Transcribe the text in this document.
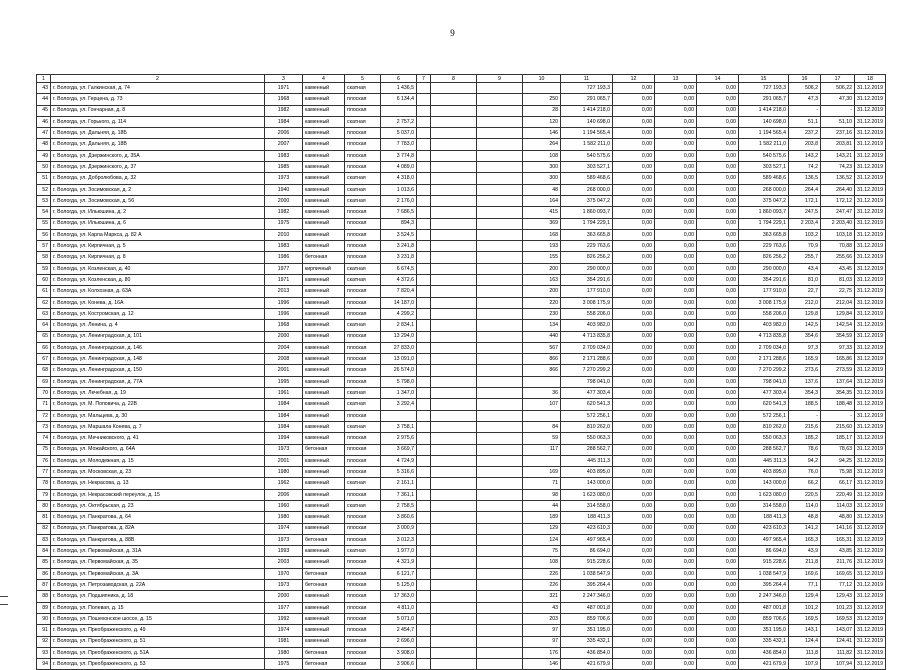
9
1	2	3	4	5	6	7	8	9	10	11	12	13	14	15	16	17	18
43	г. Вологда, ул. Галкинская, д. 74	1971	каменный	скатная	1 436,5					727 193,3	0,00	0,00	0,00	727 193,3	506,2	506,22	31.12.2019
44	г. Вологда, ул. Герцена, д. 73	1968	каменный	плоская	6 134,4				250	291 065,7	0,00	0,00	0,00	291 065,7	47,3	47,30	31.12.2019
45	г. Вологда, ул. Гончарная, д. 8	1982	каменный	плоская					28	1 414 218,0	0,00	0,00	0,00	1 414 218,0	-	-	31.12.2019
46	г. Вологда, ул. Горького, д. 114	1984	каменный	скатная	2 757,2				120	140 698,0	0,00	0,00	0,00	140 698,0	51,1	51,10	31.12.2019
47	г. Вологда, ул. Дальняя, д. 18Б	2006	каменный	плоская	5 037,0				146	1 194 565,4	0,00	0,00	0,00	1 194 565,4	237,2	237,16	31.12.2019
48	г. Вологда, ул. Дальняя, д. 18В	2007	каменный	плоская	7 783,0				264	1 582 211,0	0,00	0,00	0,00	1 582 211,0	203,8	203,81	31.12.2019
49	г. Вологда, ул. Дзержинского, д. 35А	1983	каменный	плоская	3 774,8				108	540 575,6	0,00	0,00	0,00	540 575,6	143,2	143,21	31.12.2019
50	г. Вологда, ул. Дзержинского, д. 37	1985	каменный	плоская	4 089,0				300	303 527,1	0,00	0,00	0,00	303 527,1	74,2	74,23	31.12.2019
51	г. Вологда, ул. Добролюбова, д. 32	1973	каменный	скатная	4 318,0				300	589 468,6	0,00	0,00	0,00	589 468,6	136,5	136,52	31.12.2019
52	г. Вологда, ул. Зосимовская, д. 2	1940	каменный	скатная	1 013,6				48	268 000,0	0,00	0,00	0,00	268 000,0	264,4	264,40	31.12.2019
53	г. Вологда, ул. Зосимовская, д. 56	2000	каменный	скатная	2 176,0				164	375 047,2	0,00	0,00	0,00	375 047,2	172,1	172,12	31.12.2019
54	г. Вологда, ул. Ильюшина, д. 2	1982	каменный	плоская	7 686,5				415	1 860 093,7	0,00	0,00	0,00	1 860 093,7	247,5	247,47	31.12.2019
55	г. Вологда, ул. Ильюшина, д. 6	1975	каменный	плоская	894,3				369	1 794 229,1	0,00	0,00	0,00	1 794 229,1	2 203,4	2 203,40	31.12.2019
56	г. Вологда, ул. Карла Маркса, д. 82 А	2010	каменный	плоская	3 524,5				168	363 665,8	0,00	0,00	0,00	363 665,8	103,2	103,18	31.12.2019
57	г. Вологда, ул. Кирпичная, д. 5	1983	каменный	плоская	3 241,8				193	229 763,6	0,00	0,00	0,00	229 763,6	70,9	70,88	31.12.2019
58	г. Вологда, ул. Кирпичная, д. 8	1986	бетонная	плоская	3 231,8				155	826 256,2	0,00	0,00	0,00	826 256,2	255,7	255,66	31.12.2019
59	г. Вологда, ул. Козленская, д. 40	1977	кирпичный	скатная	6 674,5				200	290 000,0	0,00	0,00	0,00	290 000,0	43,4	43,45	31.12.2019
60	г. Вологда, ул. Козленская, д. 80	1971	каменный	скатная	4 372,6				163	354 291,6	0,00	0,00	0,00	354 291,6	81,0	81,03	31.12.2019
61	г. Вологда, ул. Колхозная, д. 63А	2013	каменный	плоская	7 820,4				200	177 910,0	0,00	0,00	0,00	177 910,0	22,7	22,75	31.12.2019
62	г. Вологда, ул. Конева, д. 16А	1996	каменный	плоская	14 187,0				220	3 008 175,9	0,00	0,00	0,00	3 008 175,9	212,0	212,04	31.12.2019
63	г. Вологда, ул. Костромская, д. 12	1996	каменный	плоская	4 299,2				230	558 206,0	0,00	0,00	0,00	558 206,0	129,8	129,84	31.12.2019
64	г. Вологда, ул. Ленина, д. 4	1968	каменный	скатная	2 834,1				134	403 982,0	0,00	0,00	0,00	403 982,0	142,5	142,54	31.12.2019
65	г. Вологда, ул. Ленинградская, д. 101	2000	каменный	плоская	13 294,0				440	4 713 835,8	0,00	0,00	0,00	4 713 835,8	354,6	354,59	31.12.2019
66	г. Вологда, ул. Ленинградская, д. 146	2004	каменный	плоская	27 833,0				567	2 709 034,0	0,00	0,00	0,00	2 709 034,0	97,3	97,33	31.12.2019
67	г. Вологда, ул. Ленинградская, д. 148	2008	каменный	плоская	13 091,0				866	2 171 288,6	0,00	0,00	0,00	2 171 288,6	165,9	165,86	31.12.2019
68	г. Вологда, ул. Ленинградская, д. 150	2001	каменный	плоская	26 574,0				866	7 270 299,2	0,00	0,00	0,00	7 270 299,2	273,6	273,59	31.12.2019
69	г. Вологда, ул. Ленинградская, д. 77А	1995	каменный	плоская	5 798,0					798 041,0	0,00	0,00	0,00	798 041,0	137,6	137,64	31.12.2019
70	г. Вологда, ул. Лечебная, д. 19	1961	каменный	скатная	1 347,0				36	477 303,4	0,00	0,00	0,00	477 303,4	354,3	354,35	31.12.2019
71	г. Вологда, ул. М. Поповича, д. 22В	1984	каменный	скатная	3 292,4				107	620 541,3	0,00	0,00	0,00	620 541,3	188,5	188,48	31.12.2019
72	г. Вологда, ул. Мальцева, д. 30	1984	каменный	плоская						572 256,1	0,00	0,00	0,00	572 256,1	-	-	31.12.2019
73	г. Вологда, ул. Маршала Конева, д. 7	1984	каменный	скатная	3 758,1				84	810 262,0	0,00	0,00	0,00	810 262,0	215,6	215,60	31.12.2019
74	г. Вологда, ул. Мечниковского, д. 41	1994	каменный	плоская	2 975,6				59	550 063,3	0,00	0,00	0,00	550 063,3	185,2	185,17	31.12.2019
75	г. Вологда, ул. Можайского, д. 64А	1973	бетонная	плоская	3 669,7				117	288 562,7	0,00	0,00	0,00	288 562,7	78,6	78,63	31.12.2019
76	г. Вологда, ул. Молодежная, д. 15	2001	каменный	плоская	4 724,9					445 311,3	0,00	0,00	0,00	445 311,3	94,2	94,25	31.12.2019
77	г. Вологда, ул. Московская, д. 23	1980	каменный	плоская	5 316,6				169	403 895,0	0,00	0,00	0,00	403 895,0	76,0	75,98	31.12.2019
78	г. Вологда, ул. Некрасова, д. 13	1962	каменный	скатная	2 161,1				71	143 000,0	0,00	0,00	0,00	143 000,0	66,2	66,17	31.12.2019
79	г. Вологда, ул. Некрасовский переулок, д. 15	2006	каменный	плоская	7 361,1				98	1 623 080,0	0,00	0,00	0,00	1 623 080,0	220,5	220,49	31.12.2019
80	г. Вологда, ул. Октябрьская, д. 23	1960	каменный	скатная	2 758,5				44	314 558,0	0,00	0,00	0,00	314 558,0	114,0	114,03	31.12.2019
81	г. Вологда, ул. Панкратова, д. 64	1980	каменный	плоская	3 860,6				189	188 411,3	0,00	0,00	0,00	188 411,3	48,8	48,80	31.12.2019
82	г. Вологда, ул. Панкратова, д. 82А	1974	каменный	плоская	3 000,9				129	423 610,3	0,00	0,00	0,00	423 610,3	141,2	141,16	31.12.2019
83	г. Вологда, ул. Панкратова, д. 88В	1973	бетонная	плоская	3 012,3				124	497 965,4	0,00	0,00	0,00	497 965,4	165,3	165,31	31.12.2019
84	г. Вологда, ул. Первомайская, д. 31А	1993	каменный	скатная	1 977,0				75	86 694,0	0,00	0,00	0,00	86 694,0	43,9	43,85	31.12.2019
85	г. Вологда, ул. Первомайская, д. 35	2003	каменный	плоская	4 321,9				108	915 228,6	0,00	0,00	0,00	915 228,6	211,8	211,76	31.12.2019
86	г. Вологда, ул. Первомайская, д. 3А	1970	бетонная	плоская	6 121,7				226	1 038 547,9	0,00	0,00	0,00	1 038 547,9	169,6	169,65	31.12.2019
87	г. Вологда, ул. Петрозаводская, д. 22А	1973	бетонная	плоская	5 125,0				226	395 264,4	0,00	0,00	0,00	395 264,4	77,1	77,12	31.12.2019
88	г. Вологда, ул. Подшипника, д. 18	2000	каменный	плоская	17 363,0				321	2 247 346,0	0,00	0,00	0,00	2 247 346,0	129,4	129,43	31.12.2019
89	г. Вологда, ул. Полевая, д. 15	1977	каменный	плоская	4 811,0				43	487 001,8	0,00	0,00	0,00	487 001,8	101,2	101,23	31.12.2019
90	г. Вологда, ул. Пошехонское шоссе, д. 15	1992	каменный	плоская	5 071,0				203	859 706,6	0,00	0,00	0,00	859 706,6	169,5	169,53	31.12.2019
91	г. Вологда, ул. Преображенского, д. 49	1974	каменный	плоская	2 454,7				97	351 195,0	0,00	0,00	0,00	351 195,0	143,1	143,07	31.12.2019
92	г. Вологда, ул. Преображенского, д. 51	1981	каменный	плоская	2 696,0				97	335 432,1	0,00	0,00	0,00	335 432,1	124,4	124,41	31.12.2019
93	г. Вологда, ул. Преображенского, д. 51А	1980	бетонная	плоская	3 908,0				176	436 854,0	0,00	0,00	0,00	436 854,0	111,8	111,82	31.12.2019
94	г. Вологда, ул. Преображенского, д. 53	1975	бетонная	плоская	3 906,6				146	421 679,9	0,00	0,00	0,00	421 679,9	107,9	107,94	31.12.2019
